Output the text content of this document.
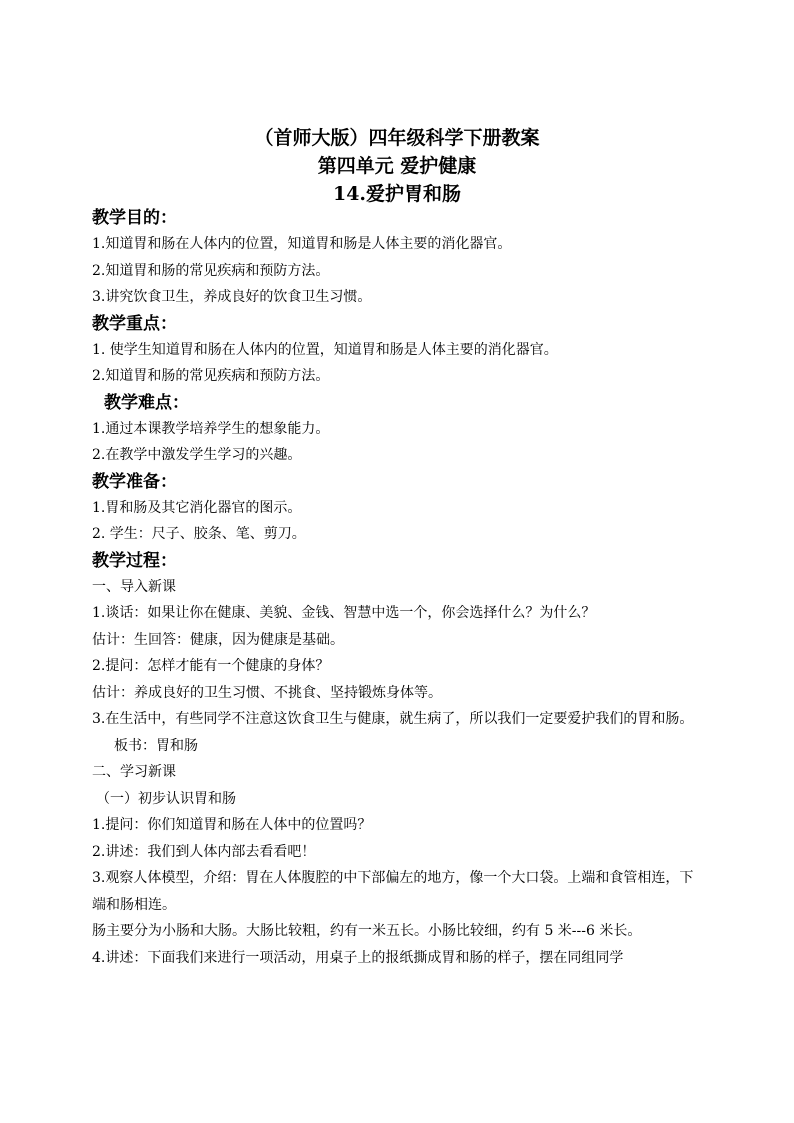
（首师大版）四年级科学下册教案

第四单元 爱护健康

14.爱护胃和肠

教学目的：

1.知道胃和肠在人体内的位置，知道胃和肠是人体主要的消化器官。

2.知道胃和肠的常见疾病和预防方法。

3.讲究饮食卫生，养成良好的饮食卫生习惯。

教学重点：

1. 使学生知道胃和肠在人体内的位置，知道胃和肠是人体主要的消化器官。

2.知道胃和肠的常见疾病和预防方法。

教学难点：

1.通过本课教学培养学生的想象能力。

2.在教学中激发学生学习的兴趣。

教学准备：

1.胃和肠及其它消化器官的图示。

2. 学生：尺子、胶条、笔、剪刀。

教学过程：

一、导入新课

1.谈话：如果让你在健康、美貌、金钱、智慧中选一个，你会选择什么？为什么？

估计：生回答：健康，因为健康是基础。

2.提问：怎样才能有一个健康的身体？

估计：养成良好的卫生习惯、不挑食、坚持锻炼身体等。

3.在生活中，有些同学不注意这饮食卫生与健康，就生病了，所以我们一定要爱护我们的胃和肠。

板书：胃和肠

二、学习新课

（一）初步认识胃和肠

1.提问：你们知道胃和肠在人体中的位置吗？

2.讲述：我们到人体内部去看看吧！

3.观察人体模型，介绍：胃在人体腹腔的中下部偏左的地方，像一个大口袋。上端和食管相连，下端和肠相连。

肠主要分为小肠和大肠。大肠比较粗，约有一米五长。小肠比较细，约有 5 米---6 米长。

4.讲述：下面我们来进行一项活动，用桌子上的报纸撕成胃和肠的样子，摆在同组同学
